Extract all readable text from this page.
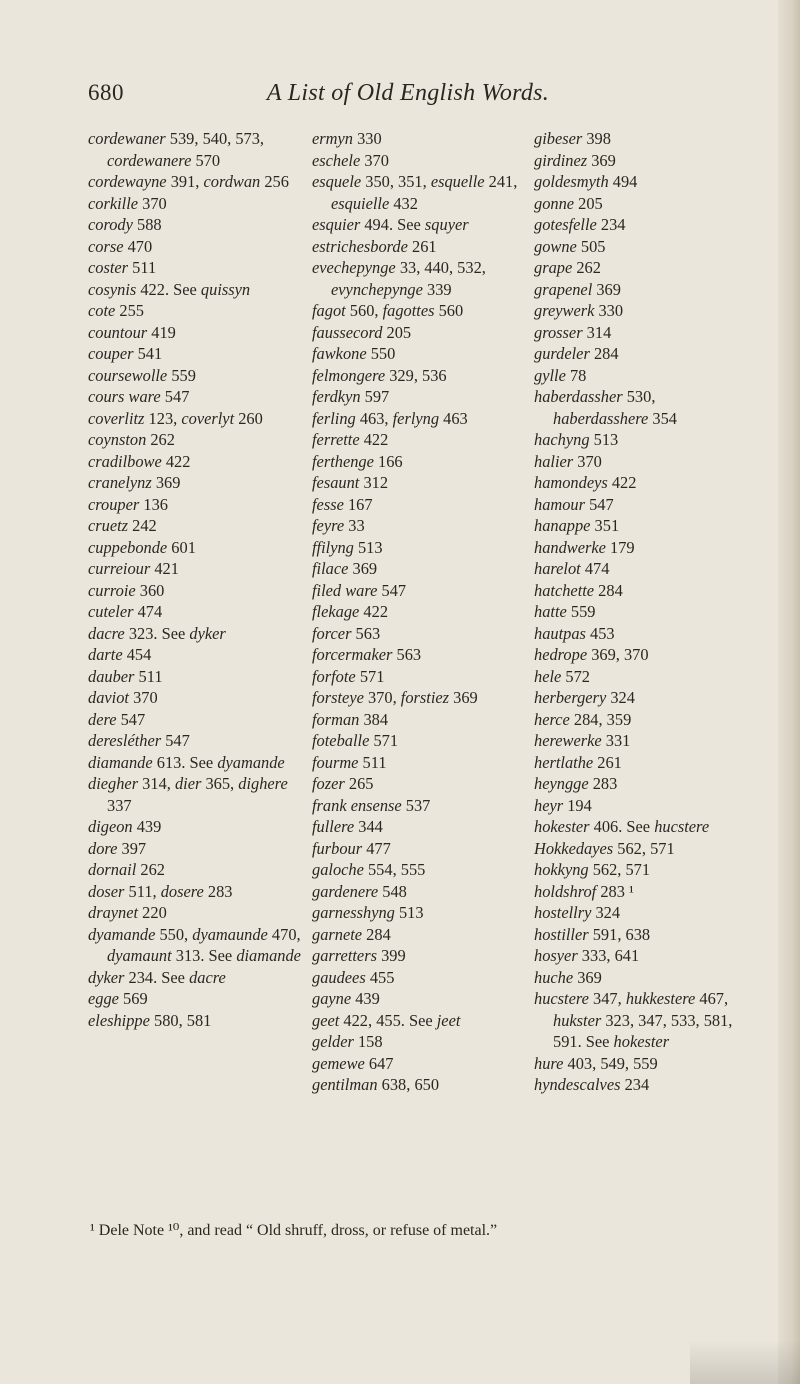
680	A List of Old English Words.

cordewaner 539, 540, 573, cordewanere 570

cordewayne 391, cordwan 256

corkille 370

corody 588

corse 470

coster 511

cosynis 422. See quissyn

cote 255

countour 419

couper 541

coursewolle 559

cours ware 547

coverlitz 123, coverlyt 260

coynston 262

cradilbowe 422

cranelynz 369

crouper 136

cruetz 242

cuppebonde 601

curreiour 421

curroie 360

cuteler 474

dacre 323. See dyker

darte 454

dauber 511

daviot 370

dere 547

deresléther 547

diamande 613. See dyamande

diegher 314, dier 365, dighere 337

digeon 439

dore 397

dornail 262

doser 511, dosere 283

draynet 220

dyamande 550, dyamaunde 470, dyamaunt 313. See diamande

dyker 234. See dacre

egge 569

eleshippe 580, 581

ermyn 330

eschele 370

esquele 350, 351, esquelle 241, esquielle 432

esquier 494. See squyer

estrichesborde 261

evechepynge 33, 440, 532, evynchepynge 339

fagot 560, fagottes 560

faussecord 205

fawkone 550

felmongere 329, 536

ferdkyn 597

ferling 463, ferlyng 463

ferrette 422

ferthenge 166

fesaunt 312

fesse 167

feyre 33

ffilyng 513

filace 369

filed ware 547

flekage 422

forcer 563

forcermaker 563

forfote 571

forsteye 370, forstiez 369

forman 384

foteballe 571

fourme 511

fozer 265

frank ensense 537

fullere 344

furbour 477

galoche 554, 555

gardenere 548

garnesshyng 513

garnete 284

garretters 399

gaudees 455

gayne 439

geet 422, 455. See jeet

gelder 158

gemewe 647

gentilman 638, 650

gibeser 398

girdinez 369

goldesmyth 494

gonne 205

gotesfelle 234

gowne 505

grape 262

grapenel 369

greywerk 330

grosser 314

gurdeler 284

gylle 78

haberdassher 530, haberdasshere 354

hachyng 513

halier 370

hamondeys 422

hamour 547

hanappe 351

handwerke 179

harelot 474

hatchette 284

hatte 559

hautpas 453

hedrope 369, 370

hele 572

herbergery 324

herce 284, 359

herewerke 331

hertlathe 261

heyngge 283

heyr 194

hokester 406. See hucstere

Hokkedayes 562, 571

hokkyng 562, 571

holdshrof 283 ¹

hostellry 324

hostiller 591, 638

hosyer 333, 641

huche 369

hucstere 347, hukkestere 467, hukster 323, 347, 533, 581, 591. See hokester

hure 403, 549, 559

hyndescalves 234

¹ Dele Note ¹⁰, and read “ Old shruff, dross, or refuse of metal.”
